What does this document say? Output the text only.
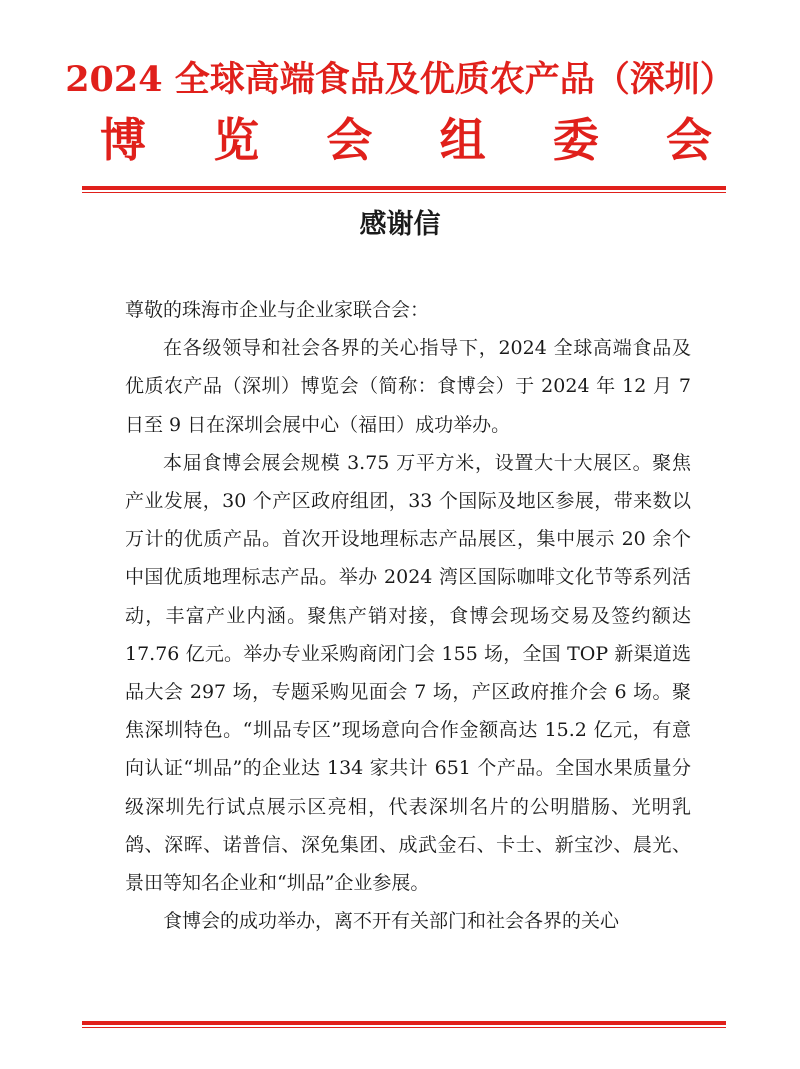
2024 全球高端食品及优质农产品（深圳）
博 览 会 组 委 会
感谢信

尊敬的珠海市企业与企业家联合会：

在各级领导和社会各界的关心指导下，2024 全球高端食品及优质农产品（深圳）博览会（简称：食博会）于 2024 年 12 月 7 日至 9 日在深圳会展中心（福田）成功举办。

本届食博会展会规模 3.75 万平方米，设置大十大展区。聚焦产业发展，30 个产区政府组团，33 个国际及地区参展，带来数以万计的优质产品。首次开设地理标志产品展区，集中展示 20 余个中国优质地理标志产品。举办 2024 湾区国际咖啡文化节等系列活动，丰富产业内涵。聚焦产销对接，食博会现场交易及签约额达 17.76 亿元。举办专业采购商闭门会 155 场，全国 TOP 新渠道选品大会 297 场，专题采购见面会 7 场，产区政府推介会 6 场。聚焦深圳特色。“圳品专区”现场意向合作金额高达 15.2 亿元，有意向认证“圳品”的企业达 134 家共计 651 个产品。全国水果质量分级深圳先行试点展示区亮相，代表深圳名片的公明腊肠、光明乳鸽、深晖、诺普信、深免集团、成武金石、卡士、新宝沙、晨光、景田等知名企业和“圳品”企业参展。

食博会的成功举办，离不开有关部门和社会各界的关心
